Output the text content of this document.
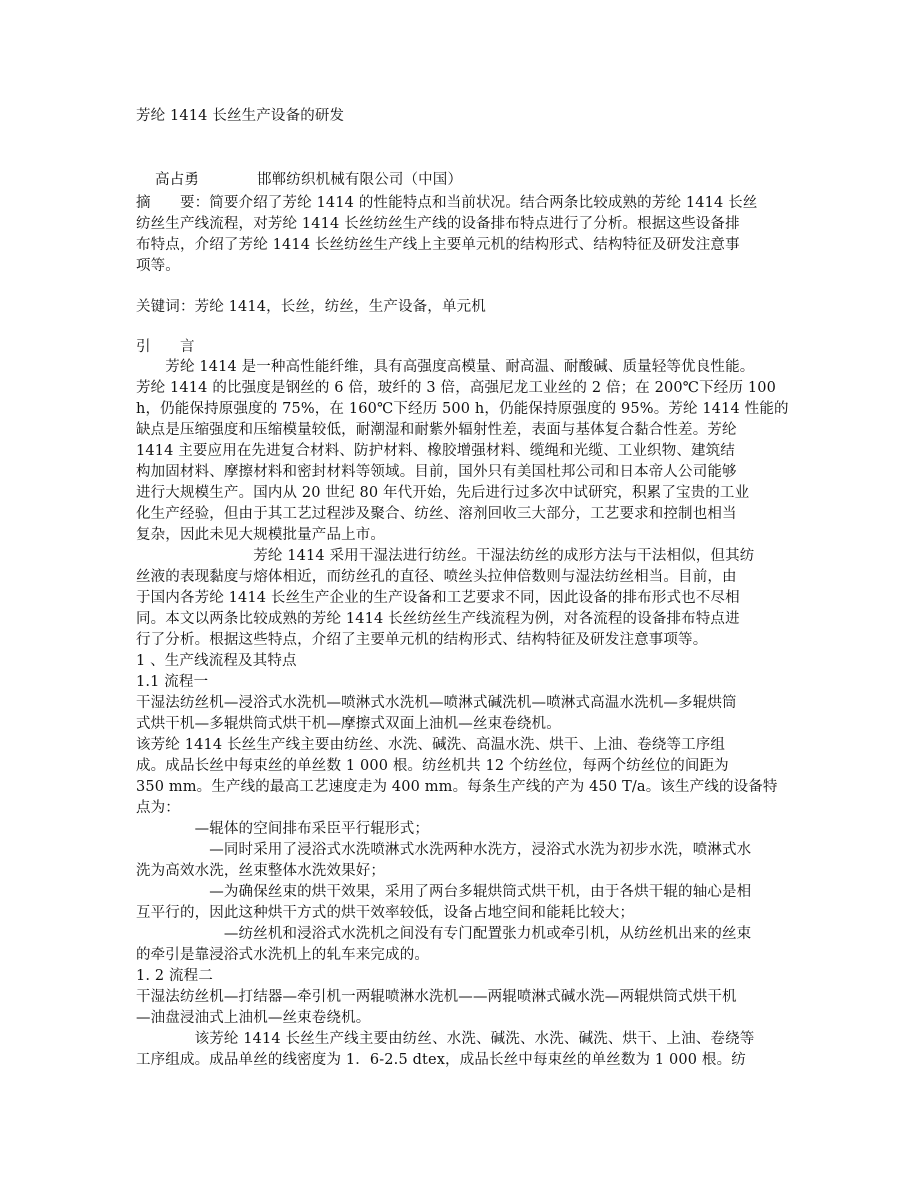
芳纶 1414 长丝生产设备的研发

高占勇	邯郸纺织机械有限公司（中国）

摘　　要：简要介绍了芳纶 1414 的性能特点和当前状况。结合两条比较成熟的芳纶 1414 长丝
纺丝生产线流程，对芳纶 1414 长丝纺丝生产线的设备排布特点进行了分析。根据这些设备排
布特点，介绍了芳纶 1414 长丝纺丝生产线上主要单元机的结构形式、结构特征及研发注意事
项等。
关键词：芳纶 1414，长丝，纺丝，生产设备，单元机
引　　言
　　芳纶 1414 是一种高性能纤维，具有高强度高模量、耐高温、耐酸碱、质量轻等优良性能。
芳纶 1414 的比强度是钢丝的 6 倍，玻纤的 3 倍，高强尼龙工业丝的 2 倍；在 200℃下经历 100
h，仍能保持原强度的 75%，在 160℃下经历 500 h，仍能保持原强度的 95%。芳纶 1414 性能的
缺点是压缩强度和压缩模量较低，耐潮湿和耐紫外辐射性差，表面与基体复合黏合性差。芳纶
1414 主要应用在先进复合材料、防护材料、橡胶增强材料、缆绳和光缆、工业织物、建筑结
构加固材料、摩擦材料和密封材料等领域。目前，国外只有美国杜邦公司和日本帝人公司能够
进行大规模生产。国内从 20 世纪 80 年代开始，先后进行过多次中试研究，积累了宝贵的工业
化生产经验，但由于其工艺过程涉及聚合、纺丝、溶剂回收三大部分，工艺要求和控制也相当
复杂，因此未见大规模批量产品上市。
　　　　　　　　芳纶 1414 采用干湿法进行纺丝。干湿法纺丝的成形方法与干法相似，但其纺
丝液的表现黏度与熔体相近，而纺丝孔的直径、喷丝头拉伸倍数则与湿法纺丝相当。目前，由
于国内各芳纶 1414 长丝生产企业的生产设备和工艺要求不同，因此设备的排布形式也不尽相
同。本文以两条比较成熟的芳纶 1414 长丝纺丝生产线流程为例，对各流程的设备排布特点进
行了分析。根据这些特点，介绍了主要单元机的结构形式、结构特征及研发注意事项等。
1 、生产线流程及其特点
1.1 流程一
干湿法纺丝机—浸浴式水洗机—喷淋式水洗机—喷淋式碱洗机—喷淋式高温水洗机—多辊烘筒
式烘干机—多辊烘筒式烘干机—摩擦式双面上油机—丝束卷绕机。
该芳纶 1414 长丝生产线主要由纺丝、水洗、碱洗、高温水洗、烘干、上油、卷绕等工序组
成。成品长丝中每束丝的单丝数 1 000 根。纺丝机共 12 个纺丝位，每两个纺丝位的间距为
350 mm。生产线的最高工艺速度走为 400 mm。每条生产线的产为 450 T/a。该生产线的设备特
点为：
　　　　—辊体的空间排布采臣平行辊形式；
　　　　　—同时采用了浸浴式水洗喷淋式水洗两种水洗方，浸浴式水洗为初步水洗，喷淋式水
洗为高效水洗，丝束整体水洗效果好；
　　　　　—为确保丝束的烘干效果，采用了两台多辊烘筒式烘干机，由于各烘干辊的轴心是相
互平行的，因此这种烘干方式的烘干效率较低，设备占地空间和能耗比较大；
　　　　　　—纺丝机和浸浴式水洗机之间没有专门配置张力机或牵引机，从纺丝机出来的丝束
的牵引是靠浸浴式水洗机上的轧车来完成的。
1. 2 流程二
干湿法纺丝机—打结器—牵引机一两辊喷淋水洗机——两辊喷淋式碱水洗—两辊烘筒式烘干机
—油盘浸油式上油机—丝束卷绕机。
　　　　该芳纶 1414 长丝生产线主要由纺丝、水洗、碱洗、水洗、碱洗、烘干、上油、卷绕等
工序组成。成品单丝的线密度为 1．6-2.5 dtex，成品长丝中每束丝的单丝数为 1 000 根。纺
